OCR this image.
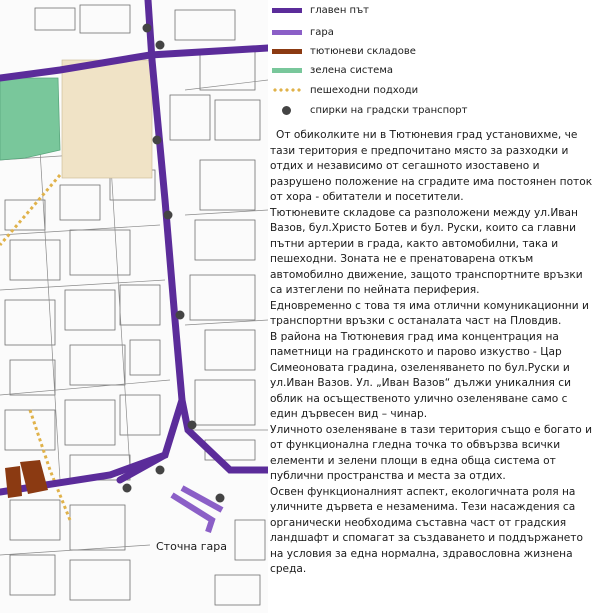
Сточна гара
главен път
гара
тютюневи складове
зелена система
пешеходни подходи
спирки на градски транспорт

От обиколките ни в Тютюневия град установихме, че тази територия е предпочитано място за разходки и отдих и независимо от сегашното изоставено и разрушено положение на сградите има постоянен поток от хора - обитатели и посетители.

Тютюневите складове са разположени между ул.Иван Вазов, бул.Христо Ботев и бул. Руски, които са главни пътни артерии в града, както автомобилни, така и пешеходни. Зоната не е пренатоварена откъм автомобилно движение, защото транспортните връзки са изтеглени по нейната периферия.

Едновременно с това тя има отлични комуникационни и транспортни връзки с останалата част на Пловдив.

В района на Тютюневия град има концентрация на паметници на градинското и парово изкуство - Цар Симеоновата градина, озеленяването по бул.Руски и ул.Иван Вазов. Ул. „Иван Вазов“ дължи уникалния си облик на осъщественото улично озеленяване само с един дървесен вид – чинар.

Уличното озеленяване в тази територия също е богато и от функционална гледна точка то обвързва всички елементи и зелени площи в една обща система от публични пространства и места за отдих.

Освен функционалният аспект, екологичната роля на уличните дървета е незаменима. Тези насаждения са органически необходима съставна част от градския ландшафт и спомагат за създаването и поддържането на условия за една нормална, здравословна жизнена среда.
